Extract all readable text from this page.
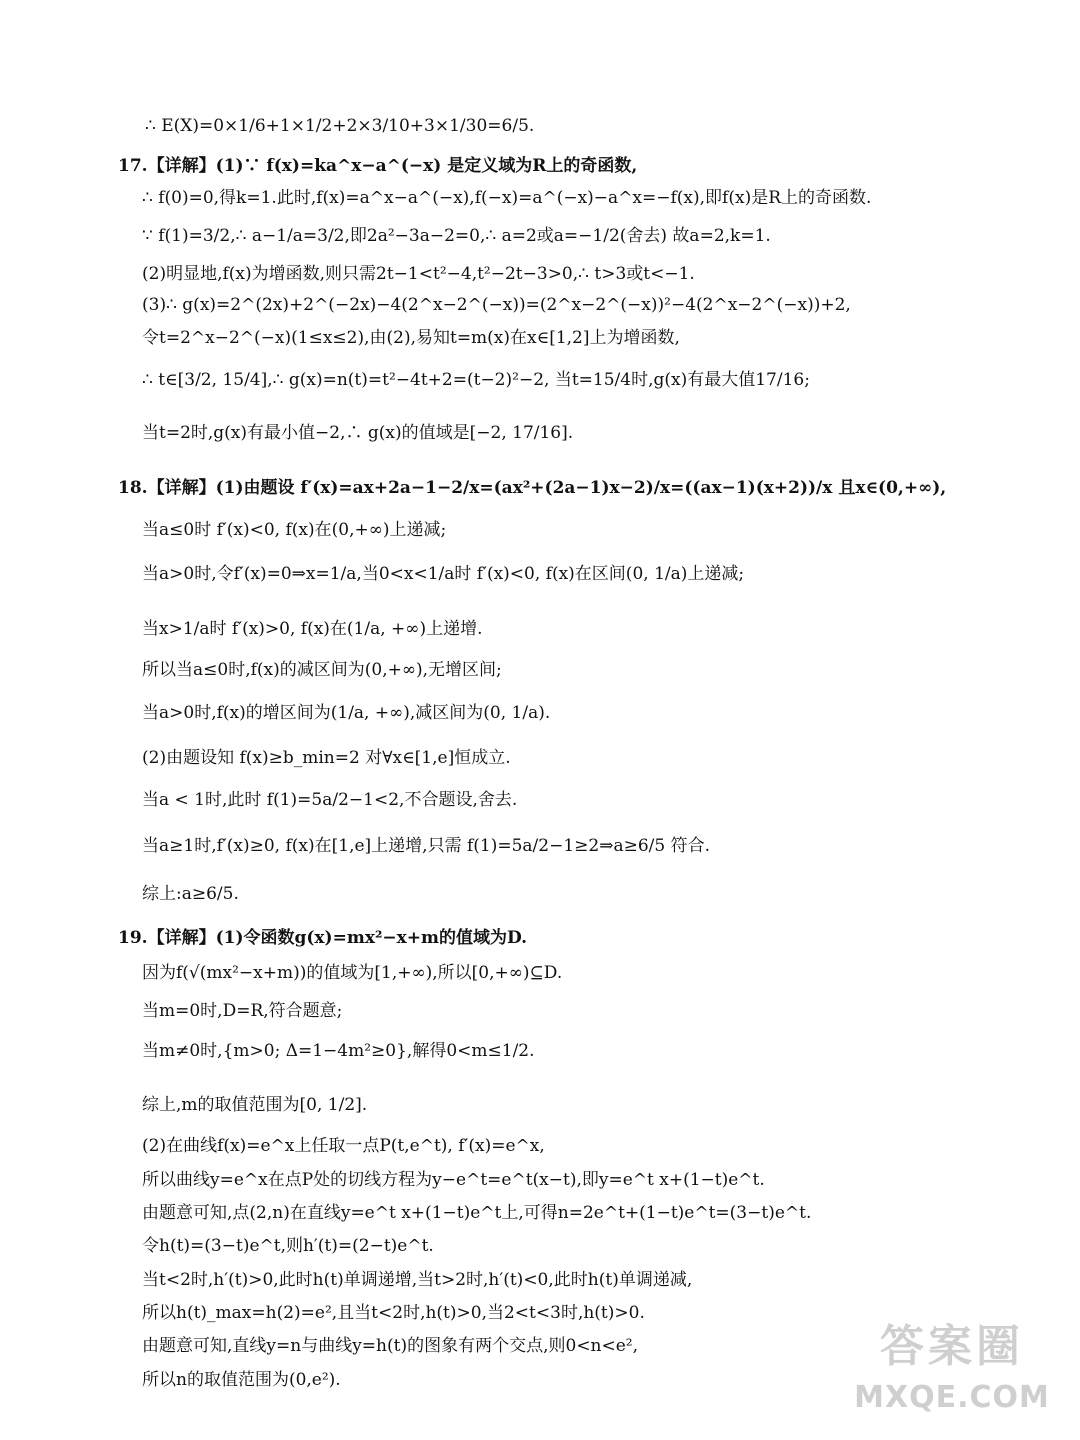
∴ E(X)=0×1/6+1×1/2+2×3/10+3×1/30=6/5.
17.【详解】(1)∵ f(x)=ka^x−a^(−x) 是定义域为R上的奇函数,
∴ f(0)=0,得k=1.此时,f(x)=a^x−a^(−x),f(−x)=a^(−x)−a^x=−f(x),即f(x)是R上的奇函数.
∵ f(1)=3/2,∴ a−1/a=3/2,即2a²−3a−2=0,∴ a=2或a=−1/2(舍去) 故a=2,k=1.
(2)明显地,f(x)为增函数,则只需2t−1<t²−4,t²−2t−3>0,∴ t>3或t<−1.
(3)∴ g(x)=2^(2x)+2^(−2x)−4(2^x−2^(−x))=(2^x−2^(−x))²−4(2^x−2^(−x))+2,
令t=2^x−2^(−x)(1≤x≤2),由(2),易知t=m(x)在x∈[1,2]上为增函数,
∴ t∈[3/2, 15/4],∴ g(x)=n(t)=t²−4t+2=(t−2)²−2, 当t=15/4时,g(x)有最大值17/16;
当t=2时,g(x)有最小值−2,∴ g(x)的值域是[−2, 17/16].
18.【详解】(1)由题设 f′(x)=ax+2a−1−2/x=(ax²+(2a−1)x−2)/x=((ax−1)(x+2))/x 且x∈(0,+∞),
当a≤0时 f′(x)<0, f(x)在(0,+∞)上递减;
当a>0时,令f′(x)=0⇒x=1/a,当0<x<1/a时 f′(x)<0, f(x)在区间(0, 1/a)上递减;
当x>1/a时 f′(x)>0, f(x)在(1/a, +∞)上递增.
所以当a≤0时,f(x)的减区间为(0,+∞),无增区间;
当a>0时,f(x)的增区间为(1/a, +∞),减区间为(0, 1/a).
(2)由题设知 f(x)≥b_min=2 对∀x∈[1,e]恒成立.
当a < 1时,此时 f(1)=5a/2−1<2,不合题设,舍去.
当a≥1时,f′(x)≥0, f(x)在[1,e]上递增,只需 f(1)=5a/2−1≥2⇒a≥6/5 符合.
综上:a≥6/5.
19.【详解】(1)令函数g(x)=mx²−x+m的值域为D.
因为f(√(mx²−x+m))的值域为[1,+∞),所以[0,+∞)⊆D.
当m=0时,D=R,符合题意;
当m≠0时,{m>0; Δ=1−4m²≥0},解得0<m≤1/2.
综上,m的取值范围为[0, 1/2].
(2)在曲线f(x)=e^x上任取一点P(t,e^t), f′(x)=e^x,
所以曲线y=e^x在点P处的切线方程为y−e^t=e^t(x−t),即y=e^t x+(1−t)e^t.
由题意可知,点(2,n)在直线y=e^t x+(1−t)e^t上,可得n=2e^t+(1−t)e^t=(3−t)e^t.
令h(t)=(3−t)e^t,则h′(t)=(2−t)e^t.
当t<2时,h′(t)>0,此时h(t)单调递增,当t>2时,h′(t)<0,此时h(t)单调递减,
所以h(t)_max=h(2)=e²,且当t<2时,h(t)>0,当2<t<3时,h(t)>0.
由题意可知,直线y=n与曲线y=h(t)的图象有两个交点,则0<n<e²,
所以n的取值范围为(0,e²).
答案圈
MXQE.COM
